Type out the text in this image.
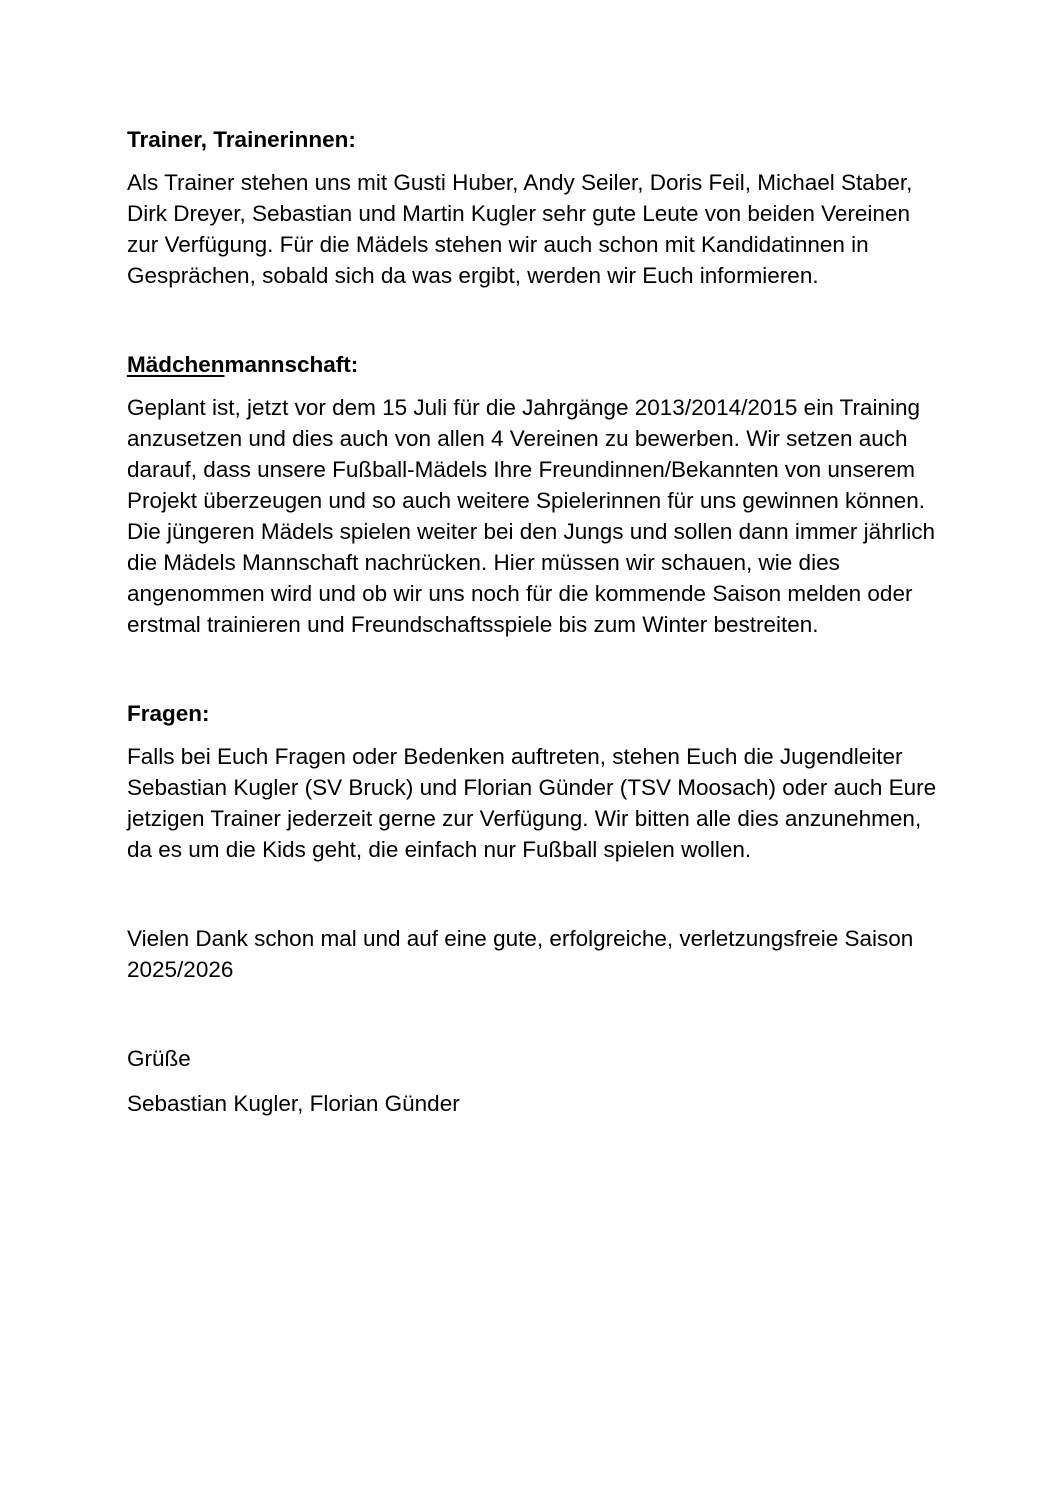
Trainer, Trainerinnen:

Als Trainer stehen uns mit Gusti Huber, Andy Seiler, Doris Feil, Michael Staber, Dirk Dreyer, Sebastian und Martin Kugler sehr gute Leute von beiden Vereinen zur Verfügung. Für die Mädels stehen wir auch schon mit Kandidatinnen in Gesprächen, sobald sich da was ergibt, werden wir Euch informieren.

Mädchenmannschaft:

Geplant ist, jetzt vor dem 15 Juli für die Jahrgänge 2013/2014/2015 ein Training anzusetzen und dies auch von allen 4 Vereinen zu bewerben. Wir setzen auch darauf, dass unsere Fußball-Mädels Ihre Freundinnen/Bekannten von unserem Projekt überzeugen und so auch weitere Spielerinnen für uns gewinnen können. Die jüngeren Mädels spielen weiter bei den Jungs und sollen dann immer jährlich die Mädels Mannschaft nachrücken. Hier müssen wir schauen, wie dies angenommen wird und ob wir uns noch für die kommende Saison melden oder erstmal trainieren und Freundschaftsspiele bis zum Winter bestreiten.

Fragen:

Falls bei Euch Fragen oder Bedenken auftreten, stehen Euch die Jugendleiter Sebastian Kugler (SV Bruck) und Florian Günder (TSV Moosach) oder auch Eure jetzigen Trainer jederzeit gerne zur Verfügung. Wir bitten alle dies anzunehmen, da es um die Kids geht, die einfach nur Fußball spielen wollen.

Vielen Dank schon mal und auf eine gute, erfolgreiche, verletzungsfreie Saison 2025/2026

Grüße

Sebastian Kugler, Florian Günder
